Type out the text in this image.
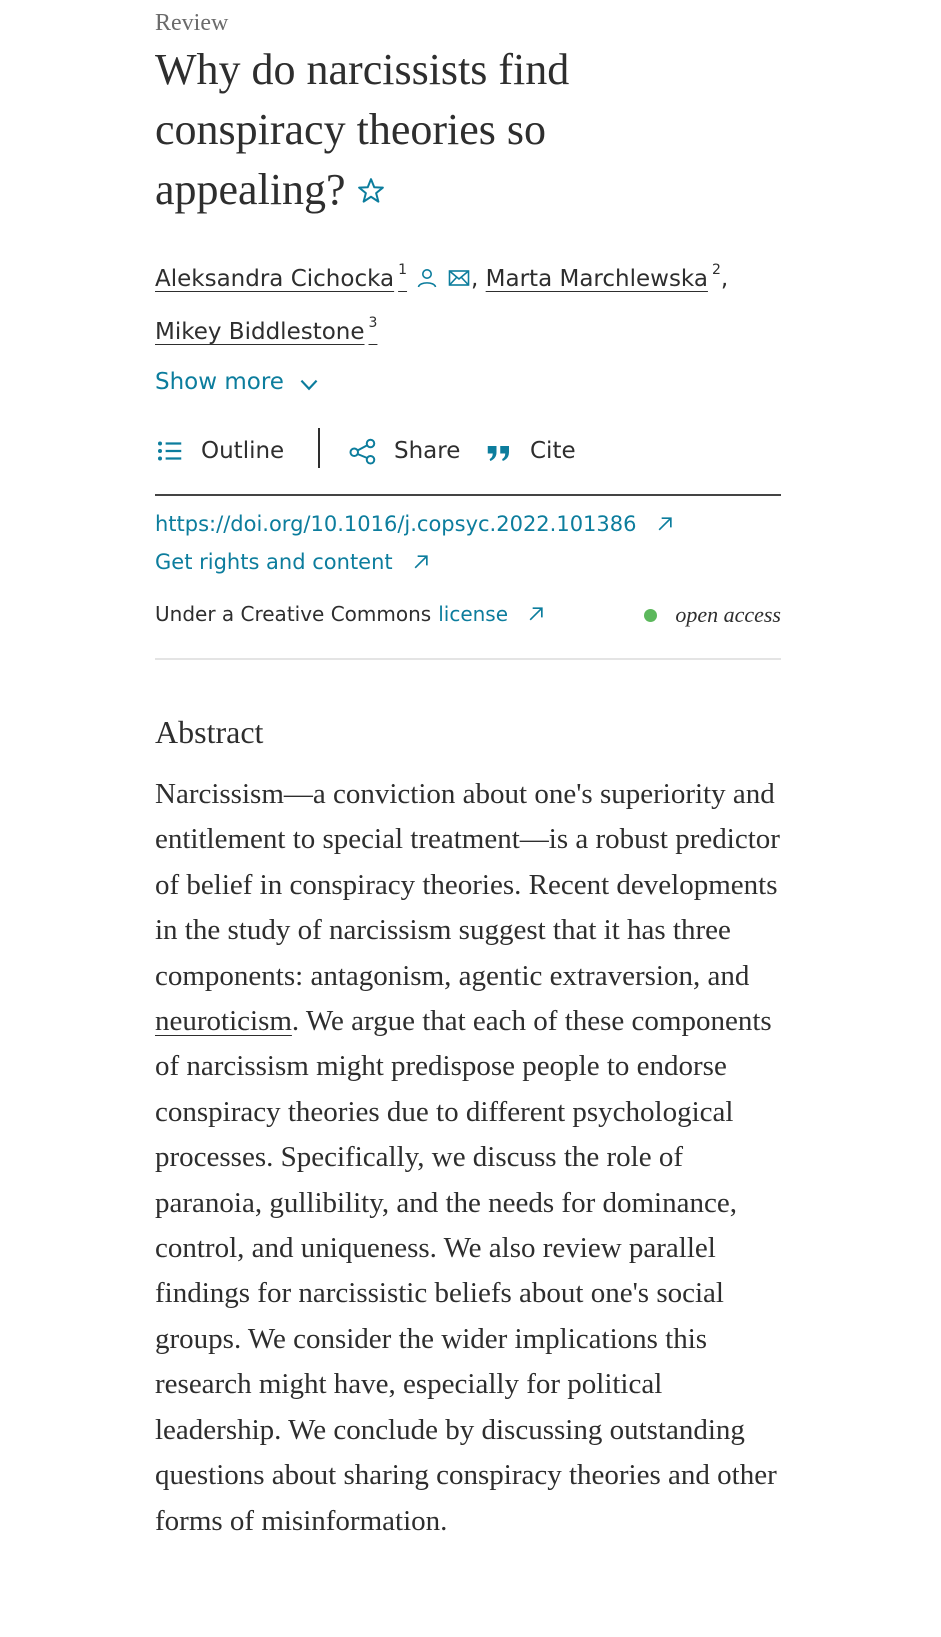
Review
Why do narcissists find conspiracy theories so appealing?
Aleksandra Cichocka $^1$	, Marta Marchlewska $^2$,
Mikey Biddlestone $^3$
Show more
Outline	Share	Cite
https://doi.org/10.1016/j.copsyc.2022.101386
Get rights and content
Under a Creative Commons license	open access
Abstract

Narcissism—a conviction about one's superiority and entitlement to special treatment—is a robust predictor of belief in conspiracy theories. Recent developments in the study of narcissism suggest that it has three components: antagonism, agentic extraversion, and neuroticism. We argue that each of these components of narcissism might predispose people to endorse conspiracy theories due to different psychological processes. Specifically, we discuss the role of paranoia, gullibility, and the needs for dominance, control, and uniqueness. We also review parallel findings for narcissistic beliefs about one's social groups. We consider the wider implications this research might have, especially for political leadership. We conclude by discussing outstanding questions about sharing conspiracy theories and other forms of misinformation.
